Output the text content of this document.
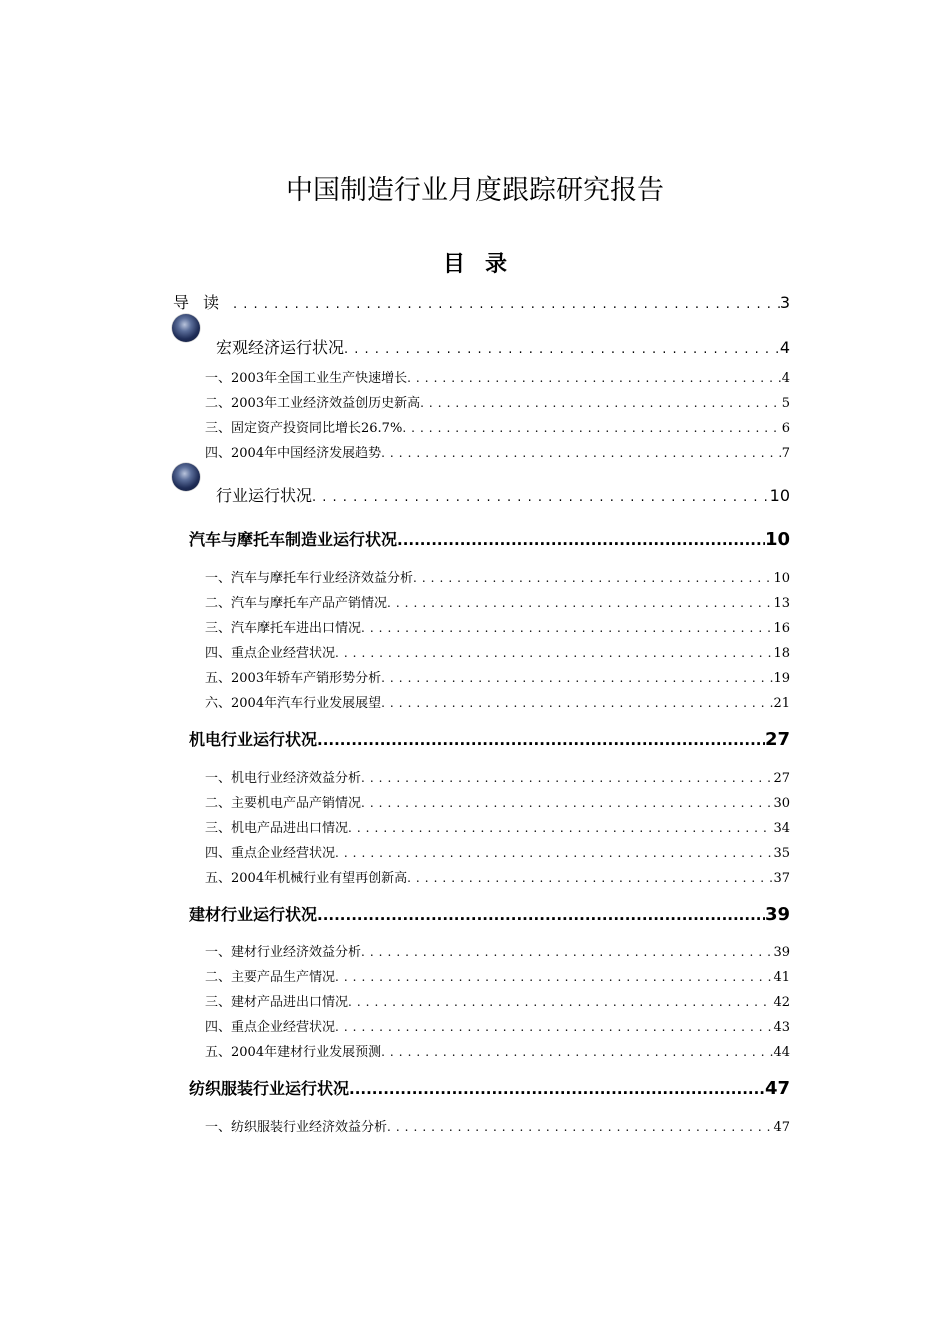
中国制造行业月度跟踪研究报告
目录
导读 . . .	3
宏观经济运行状况 . . .	4
一、2003年全国工业生产快速增长 . . .	4
二、2003年工业经济效益创历史新高 . . .	5
三、固定资产投资同比增长26.7% . . .	6
四、2004年中国经济发展趋势 . . .	7
行业运行状况 . . .	10
汽车与摩托车制造业运行状况 .....	10
一、汽车与摩托车行业经济效益分析 . . .	10
二、汽车与摩托车产品产销情况 . . .	13
三、汽车摩托车进出口情况 . . .	16
四、重点企业经营状况 . . .	18
五、2003年轿车产销形势分析 . . .	19
六、2004年汽车行业发展展望 . . .	21
机电行业运行状况 .....	27
一、机电行业经济效益分析 . . .	27
二、主要机电产品产销情况 . . .	30
三、机电产品进出口情况 . . .	34
四、重点企业经营状况 . . .	35
五、2004年机械行业有望再创新高 . . .	37
建材行业运行状况 .....	39
一、建材行业经济效益分析 . . .	39
二、主要产品生产情况 . . .	41
三、建材产品进出口情况 . . .	42
四、重点企业经营状况 . . .	43
五、2004年建材行业发展预测 . . .	44
纺织服装行业运行状况 .....	47
一、纺织服装行业经济效益分析 . . .	47
